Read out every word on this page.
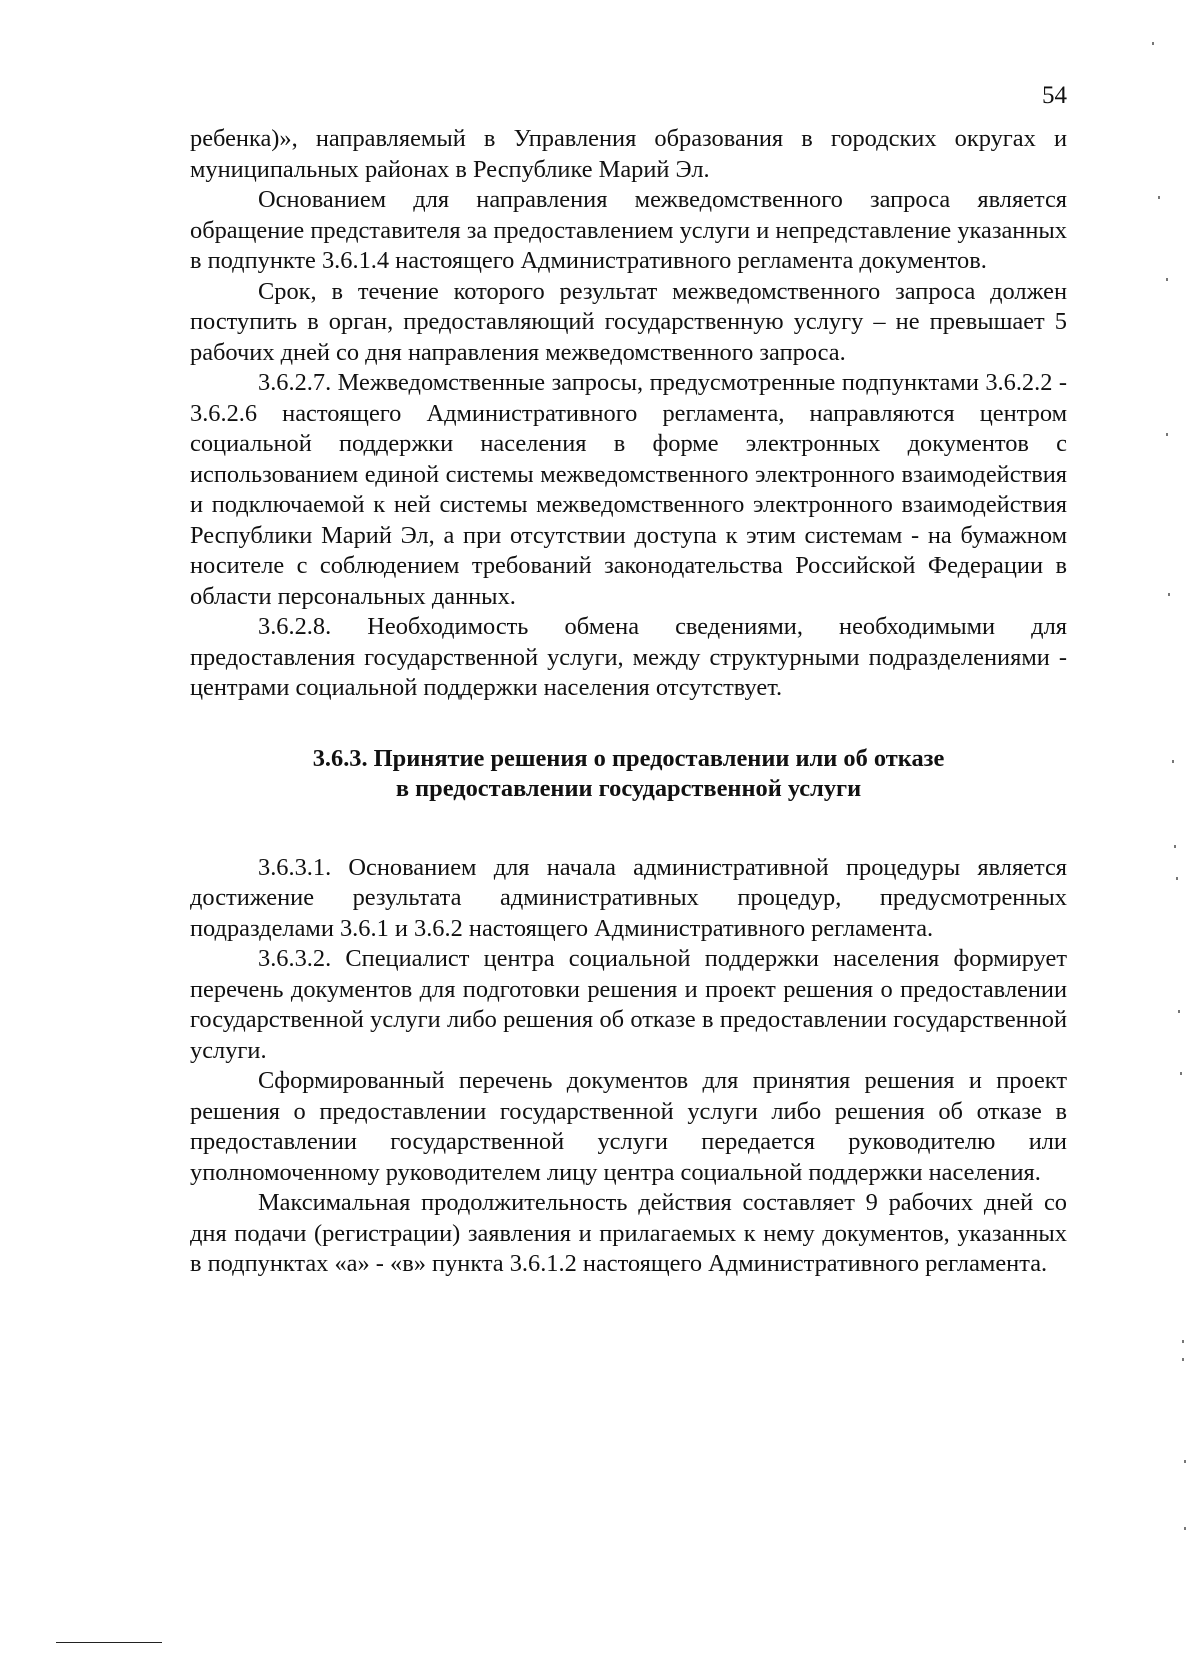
54

ребенка)», направляемый в Управления образования в городских округах и муниципальных районах в Республике Марий Эл.

Основанием для направления межведомственного запроса является обращение представителя за предоставлением услуги и непредставление указанных в подпункте 3.6.1.4 настоящего Административного регламента документов.

Срок, в течение которого результат межведомственного запроса должен поступить в орган, предоставляющий государственную услугу – не превышает 5 рабочих дней со дня направления межведомственного запроса.

3.6.2.7. Межведомственные запросы, предусмотренные подпунктами 3.6.2.2 - 3.6.2.6 настоящего Административного регламента, направляются центром социальной поддержки населения в форме электронных документов с использованием единой системы межведомственного электронного взаимодействия и подключаемой к ней системы межведомственного электронного взаимодействия Республики Марий Эл, а при отсутствии доступа к этим системам - на бумажном носителе с соблюдением требований законодательства Российской Федерации в области персональных данных.

3.6.2.8. Необходимость обмена сведениями, необходимыми для предоставления государственной услуги, между структурными подразделениями - центрами социальной поддержки населения отсутствует.

3.6.3. Принятие решения о предоставлении или об отказе
в предоставлении государственной услуги

3.6.3.1. Основанием для начала административной процедуры является достижение результата административных процедур, предусмотренных подразделами 3.6.1 и 3.6.2 настоящего Административного регламента.

3.6.3.2. Специалист центра социальной поддержки населения формирует перечень документов для подготовки решения и проект решения о предоставлении государственной услуги либо решения об отказе в предоставлении государственной услуги.

Сформированный перечень документов для принятия решения и проект решения о предоставлении государственной услуги либо решения об отказе в предоставлении государственной услуги передается руководителю или уполномоченному руководителем лицу центра социальной поддержки населения.

Максимальная продолжительность действия составляет 9 рабочих дней со дня подачи (регистрации) заявления и прилагаемых к нему документов, указанных в подпунктах «а» - «в» пункта 3.6.1.2 настоящего Административного регламента.
